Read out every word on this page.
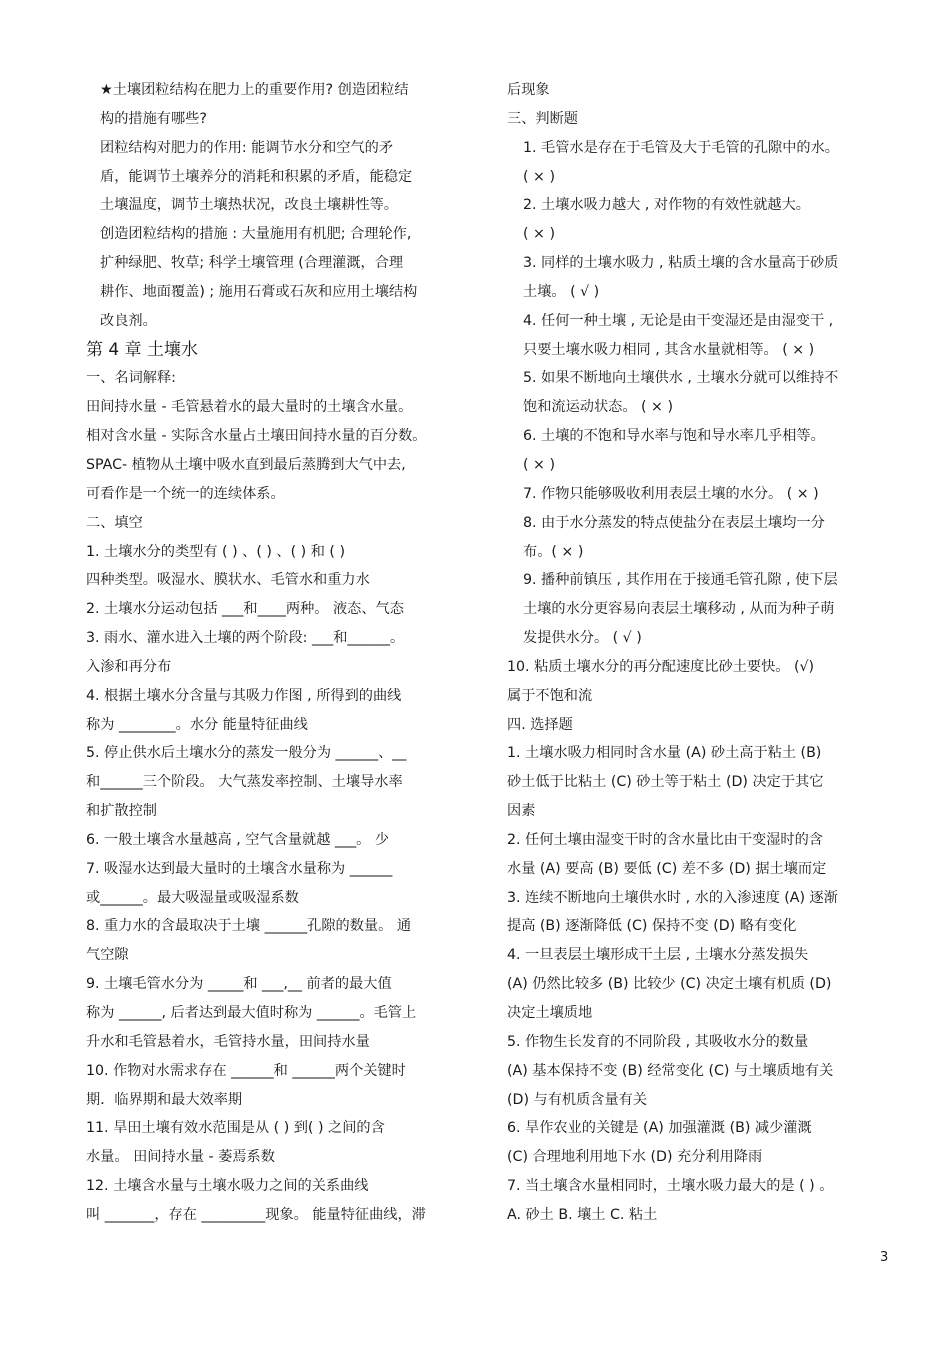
★土壤团粒结构在肥力上的重要作用? 创造团粒结
构的措施有哪些?
团粒结构对肥力的作用: 能调节水分和空气的矛
盾，能调节土壤养分的消耗和积累的矛盾，能稳定
土壤温度，调节土壤热状况，改良土壤耕性等。
创造团粒结构的措施 : 大量施用有机肥; 合理轮作,
扩种绿肥、牧草; 科学土壤管理 (合理灌溉，合理
耕作、地面覆盖) ; 施用石膏或石灰和应用土壤结构
改良剂。
第 4 章 土壤水
一、名词解释:
田间持水量 - 毛管悬着水的最大量时的土壤含水量。
相对含水量 - 实际含水量占土壤田间持水量的百分数。
SPAC- 植物从土壤中吸水直到最后蒸腾到大气中去,
可看作是一个统一的连续体系。
二、填空
1. 土壤水分的类型有 ( ) 、( ) 、( ) 和 ( )
四种类型。吸湿水、膜状水、毛管水和重力水
2. 土壤水分运动包括 ___和____两种。 液态、气态
3. 雨水、灌水进入土壤的两个阶段: ___和______。
入渗和再分布
4. 根据土壤水分含量与其吸力作图 , 所得到的曲线
称为 ________。水分 能量特征曲线
5. 停止供水后土壤水分的蒸发一般分为 ______、__
和______三个阶段。 大气蒸发率控制、土壤导水率
和扩散控制
6. 一般土壤含水量越高 , 空气含量就越 ___。 少
7. 吸湿水达到最大量时的土壤含水量称为 ______
或______。最大吸湿量或吸湿系数
8. 重力水的含最取决于土壤 ______孔隙的数量。 通
气空隙
9. 土壤毛管水分为 _____和 ___,__ 前者的最大值
称为 ______, 后者达到最大值时称为 ______。毛管上
升水和毛管悬着水，毛管持水量，田间持水量
10. 作物对水需求存在 ______和 ______两个关键时
期．临界期和最大效率期
11. 旱田土壤有效水范围是从 ( ) 到( ) 之间的含
水量。 田间持水量 - 萎焉系数
12. 土壤含水量与土壤水吸力之间的关系曲线
叫 _______，存在 _________现象。 能量特征曲线，滞
后现象
三、判断题
1. 毛管水是存在于毛管及大于毛管的孔隙中的水。
( × )
2. 土壤水吸力越大 , 对作物的有效性就越大。
( × )
3. 同样的土壤水吸力 , 粘质土壤的含水量高于砂质
土壤。 ( √ )
4. 任何一种土壤 , 无论是由干变湿还是由湿变干 ,
只要土壤水吸力相同 , 其含水量就相等。 ( × )
5. 如果不断地向土壤供水 , 土壤水分就可以维持不
饱和流运动状态。 ( × )
6. 土壤的不饱和导水率与饱和导水率几乎相等。
( × )
7. 作物只能够吸收利用表层土壤的水分。 ( × )
8. 由于水分蒸发的特点使盐分在表层土壤均一分
布。( × )
9. 播种前镇压 , 其作用在于接通毛管孔隙 , 使下层
土壤的水分更容易向表层土壤移动 , 从而为种子萌
发提供水分。 ( √ )
10. 粘质土壤水分的再分配速度比砂土要快。 (√)
属于不饱和流
四. 选择题
1. 土壤水吸力相同时含水量 (A) 砂土高于粘土 (B)
砂土低于比粘土 (C) 砂土等于粘土 (D) 决定于其它
因素
2. 任何土壤由湿变干时的含水量比由干变湿时的含
水量 (A) 要高 (B) 要低 (C) 差不多 (D) 据土壤而定
3. 连续不断地向土壤供水时 , 水的入渗速度 (A) 逐渐
提高 (B) 逐渐降低 (C) 保持不变 (D) 略有变化
4. 一旦表层土壤形成干土层 , 土壤水分蒸发损失
(A) 仍然比较多 (B) 比较少 (C) 决定土壤有机质 (D)
决定土壤质地
5. 作物生长发育的不同阶段 , 其吸收水分的数量
(A) 基本保持不变 (B) 经常变化 (C) 与土壤质地有关
(D) 与有机质含量有关
6. 旱作农业的关键是 (A) 加强灌溉 (B) 减少灌溉
(C) 合理地利用地下水 (D) 充分利用降雨
7. 当土壤含水量相同时，土壤水吸力最大的是 ( ) 。
A. 砂土 B. 壤土 C. 粘土
3
